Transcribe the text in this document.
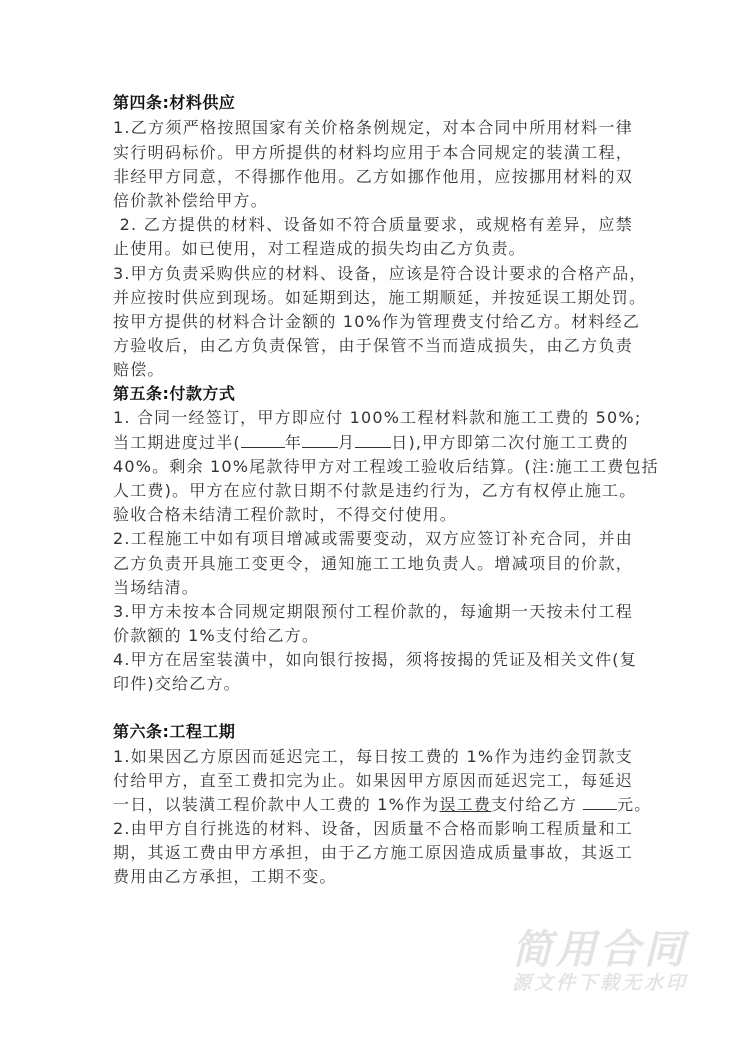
第四条:材料供应
1.乙方须严格按照国家有关价格条例规定，对本合同中所用材料一律
实行明码标价。甲方所提供的材料均应用于本合同规定的装潢工程，
非经甲方同意，不得挪作他用。乙方如挪作他用，应按挪用材料的双
倍价款补偿给甲方。
2. 乙方提供的材料、设备如不符合质量要求，或规格有差异，应禁
止使用。如已使用，对工程造成的损失均由乙方负责。
3.甲方负责采购供应的材料、设备，应该是符合设计要求的合格产品，
并应按时供应到现场。如延期到达，施工期顺延，并按延误工期处罚。
按甲方提供的材料合计金额的 10%作为管理费支付给乙方。材料经乙
方验收后，由乙方负责保管，由于保管不当而造成损失，由乙方负责
赔偿。
第五条:付款方式
1. 合同一经签订，甲方即应付 100%工程材料款和施工工费的 50%;
当工期进度过半(	年 月 日),甲方即第二次付施工工费的
40%。剩余 10%尾款待甲方对工程竣工验收后结算。(注:施工工费包括
人工费)。甲方在应付款日期不付款是违约行为，乙方有权停止施工。
验收合格未结清工程价款时，不得交付使用。
2.工程施工中如有项目增减或需要变动，双方应签订补充合同，并由
乙方负责开具施工变更令，通知施工工地负责人。增减项目的价款，
当场结清。
3.甲方未按本合同规定期限预付工程价款的，每逾期一天按未付工程
价款额的 1%支付给乙方。
4.甲方在居室装潢中，如向银行按揭，须将按揭的凭证及相关文件(复
印件)交给乙方。
第六条:工程工期
1.如果因乙方原因而延迟完工，每日按工费的 1%作为违约金罚款支
付给甲方，直至工费扣完为止。如果因甲方原因而延迟完工，每延迟
一日，以装潢工程价款中人工费的 1%作为误工费支付给乙方	元。
2.由甲方自行挑选的材料、设备，因质量不合格而影响工程质量和工
期，其返工费由甲方承担，由于乙方施工原因造成质量事故，其返工
费用由乙方承担，工期不变。
简用合同
源文件下载无水印
